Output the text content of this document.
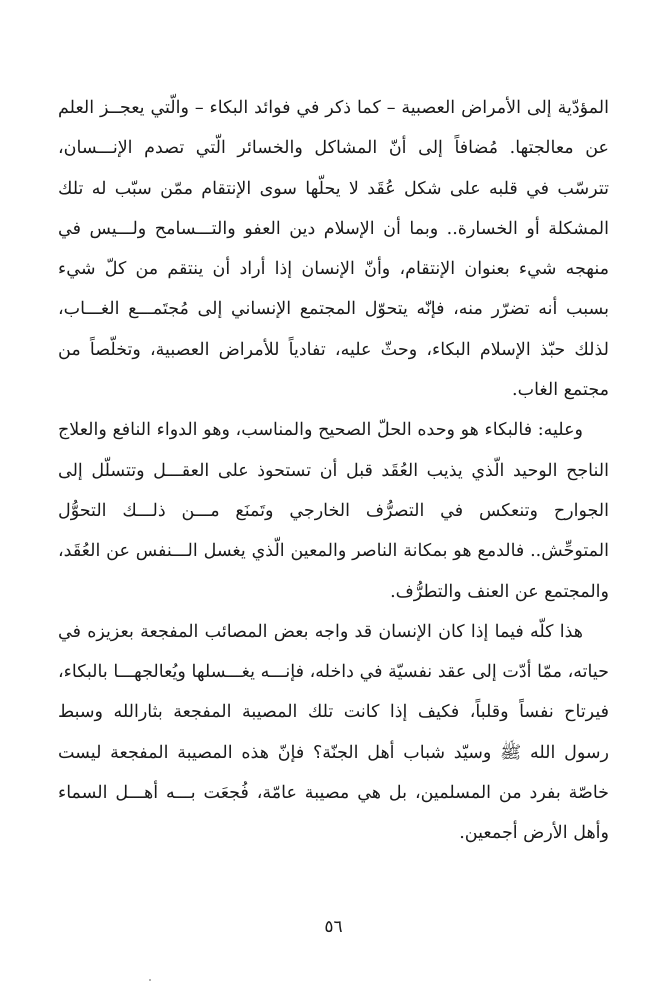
المؤدّية إلى الأمراض العصبية – كما ذكر في فوائد البكاء – والّتي يعجــز العلم عن معالجتها. مُضافاً إلى أنّ المشاكل والخسائر الّتي تصدم الإنـــسان، تترسّب في قلبه على شكل عُقَد لا يحلّها سوى الإنتقام ممّن سبّب له تلك المشكلة أو الخسارة.. وبما أن الإسلام دين العفو والتـــسامح ولـــيس في منهجه شيء بعنوان الإنتقام، وأنّ الإنسان إذا أراد أن ينتقم من كلّ شيء بسبب أنه تضرّر منه، فإنّه يتحوّل المجتمع الإنساني إلى مُجتَمـــع الغـــاب، لذلك حبّذ الإسلام البكاء، وحثّ عليه، تفادياً للأمراض العصبية، وتخلّصاً من مجتمع الغاب.

وعليه: فالبكاء هو وحده الحلّ الصحيح والمناسب، وهو الدواء النافع والعلاج الناجح الوحيد الّذي يذيب العُقَد قبل أن تستحوذ على العقـــل وتتسلّل إلى الجوارح وتنعكس في التصرُّف الخارجي وتَمنَع مـــن ذلـــك التحوُّل المتوحِّش.. فالدمع هو بمكانة الناصر والمعين الّذي يغسل الـــنفس عن العُقَد، والمجتمع عن العنف والتطرُّف.

هذا كلّه فيما إذا كان الإنسان قد واجه بعض المصائب المفجعة بعزيزه في حياته، ممّا أدّت إلى عقد نفسيّة في داخله، فإنـــه يغـــسلها ويُعالجهـــا بالبكاء، فيرتاح نفساً وقلباً، فكيف إذا كانت تلك المصيبة المفجعة بثارالله وسبط رسول الله ﷺ وسيّد شباب أهل الجنّة؟ فإنّ هذه المصيبة المفجعة ليست خاصّة بفرد من المسلمين، بل هي مصيبة عامّة، فُجعَت بـــه أهـــل السماء وأهل الأرض أجمعين.

٥٦
